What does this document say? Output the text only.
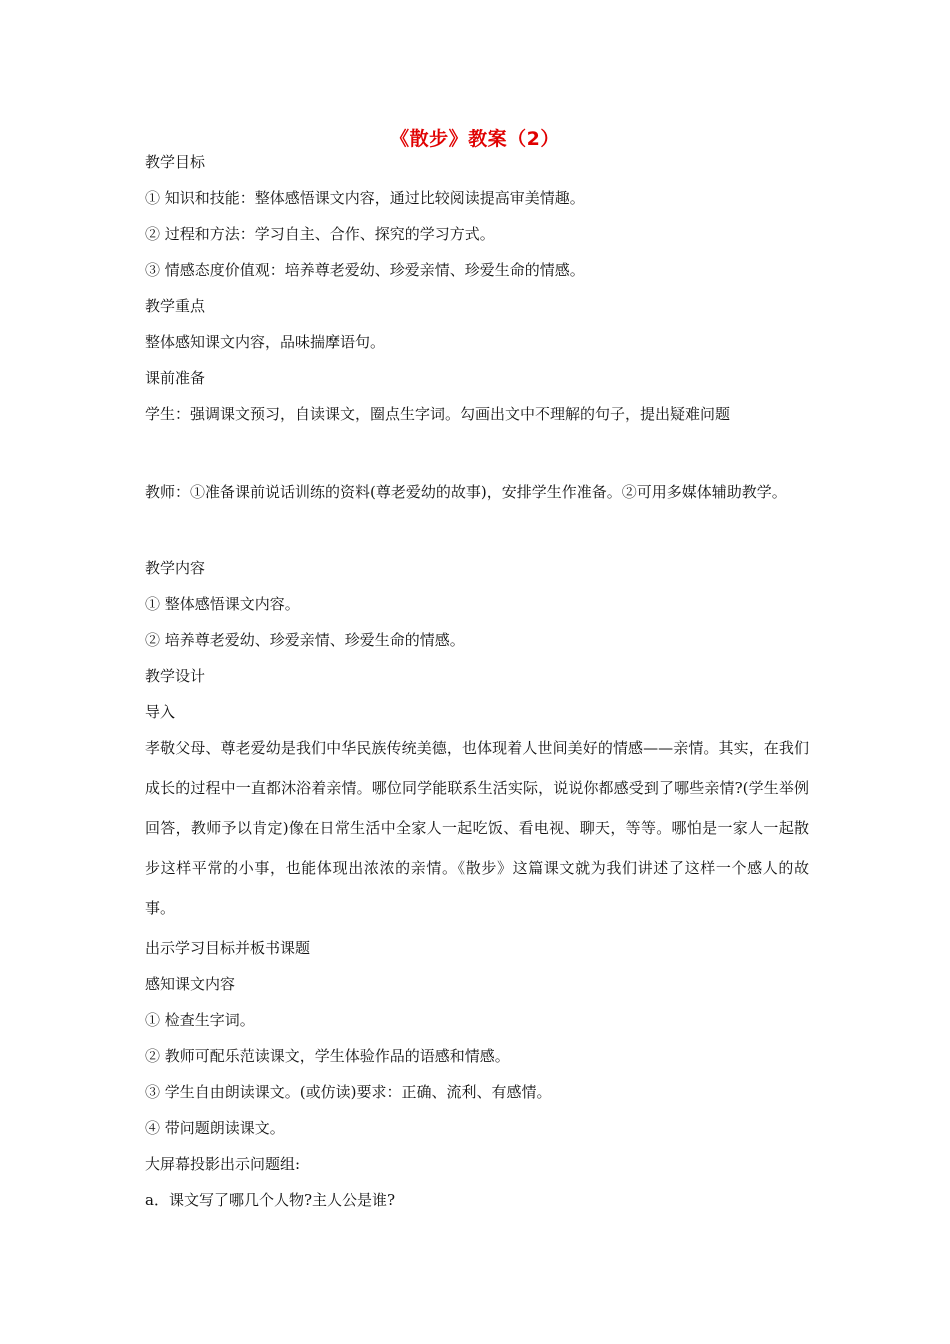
《散步》教案（2）
教学目标
① 知识和技能：整体感悟课文内容，通过比较阅读提高审美情趣。
② 过程和方法：学习自主、合作、探究的学习方式。
③ 情感态度价值观：培养尊老爱幼、珍爱亲情、珍爱生命的情感。
教学重点
整体感知课文内容，品味揣摩语句。
课前准备
学生：强调课文预习，自读课文，圈点生字词。勾画出文中不理解的句子，提出疑难问题
教师：①准备课前说话训练的资料(尊老爱幼的故事)，安排学生作准备。②可用多媒体辅助教学。
教学内容
① 整体感悟课文内容。
② 培养尊老爱幼、珍爱亲情、珍爱生命的情感。
教学设计
导入
孝敬父母、尊老爱幼是我们中华民族传统美德，也体现着人世间美好的情感——亲情。其实，在我们成长的过程中一直都沐浴着亲情。哪位同学能联系生活实际，说说你都感受到了哪些亲情?(学生举例回答，教师予以肯定)像在日常生活中全家人一起吃饭、看电视、聊天，等等。哪怕是一家人一起散步这样平常的小事，也能体现出浓浓的亲情。《散步》这篇课文就为我们讲述了这样一个感人的故事。
出示学习目标并板书课题
感知课文内容
① 检查生字词。
② 教师可配乐范读课文，学生体验作品的语感和情感。
③ 学生自由朗读课文。(或仿读)要求：正确、流利、有感情。
④ 带问题朗读课文。
大屏幕投影出示问题组:
a．课文写了哪几个人物?主人公是谁?
